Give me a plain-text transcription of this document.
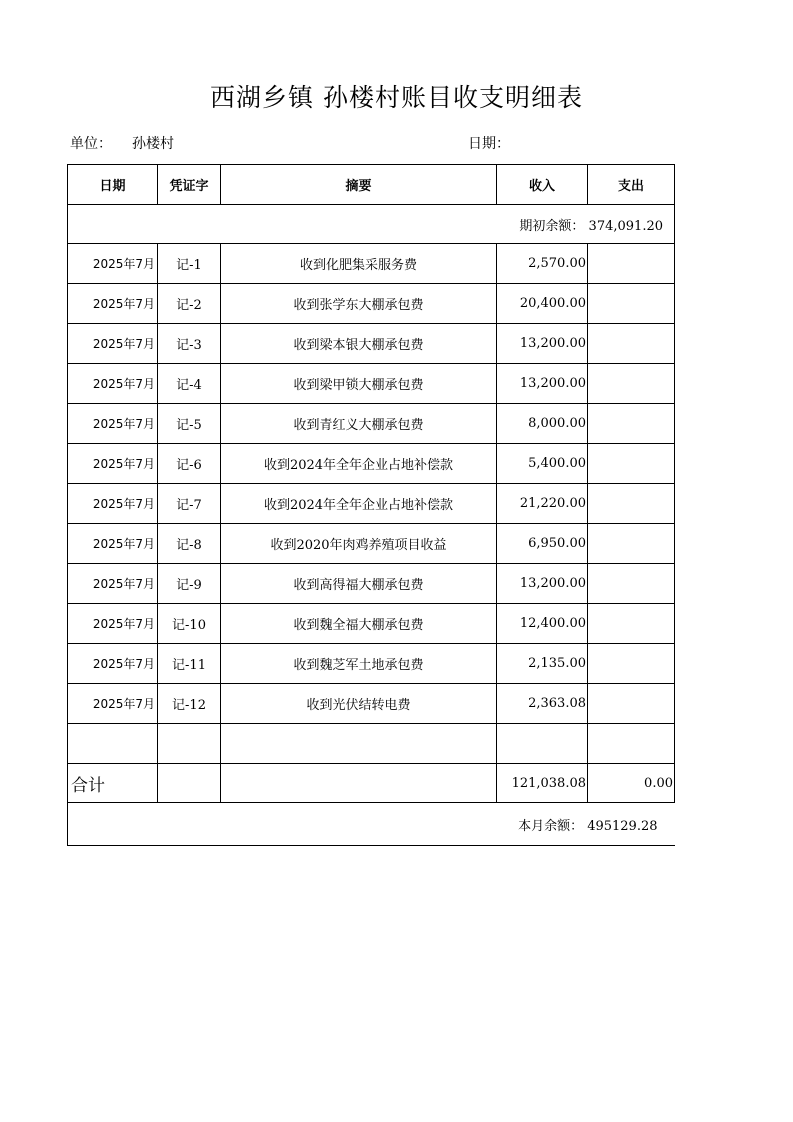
西湖乡镇 孙楼村账目收支明细表
单位： 孙楼村	日期：
日期	凭证字	摘要	收入	支出
期初余额： 374,091.20				
2025年7月	记-1	收到化肥集采服务费	2,570.00	
2025年7月	记-2	收到张学东大棚承包费	20,400.00	
2025年7月	记-3	收到梁本银大棚承包费	13,200.00	
2025年7月	记-4	收到梁甲锁大棚承包费	13,200.00	
2025年7月	记-5	收到青红义大棚承包费	8,000.00	
2025年7月	记-6	收到2024年全年企业占地补偿款	5,400.00	
2025年7月	记-7	收到2024年全年企业占地补偿款	21,220.00	
2025年7月	记-8	收到2020年肉鸡养殖项目收益	6,950.00	
2025年7月	记-9	收到高得福大棚承包费	13,200.00	
2025年7月	记-10	收到魏全福大棚承包费	12,400.00	
2025年7月	记-11	收到魏芝军土地承包费	2,135.00	
2025年7月	记-12	收到光伏结转电费	2,363.08	

合计			121,038.08	0.00
本月余额： 495129.28				
